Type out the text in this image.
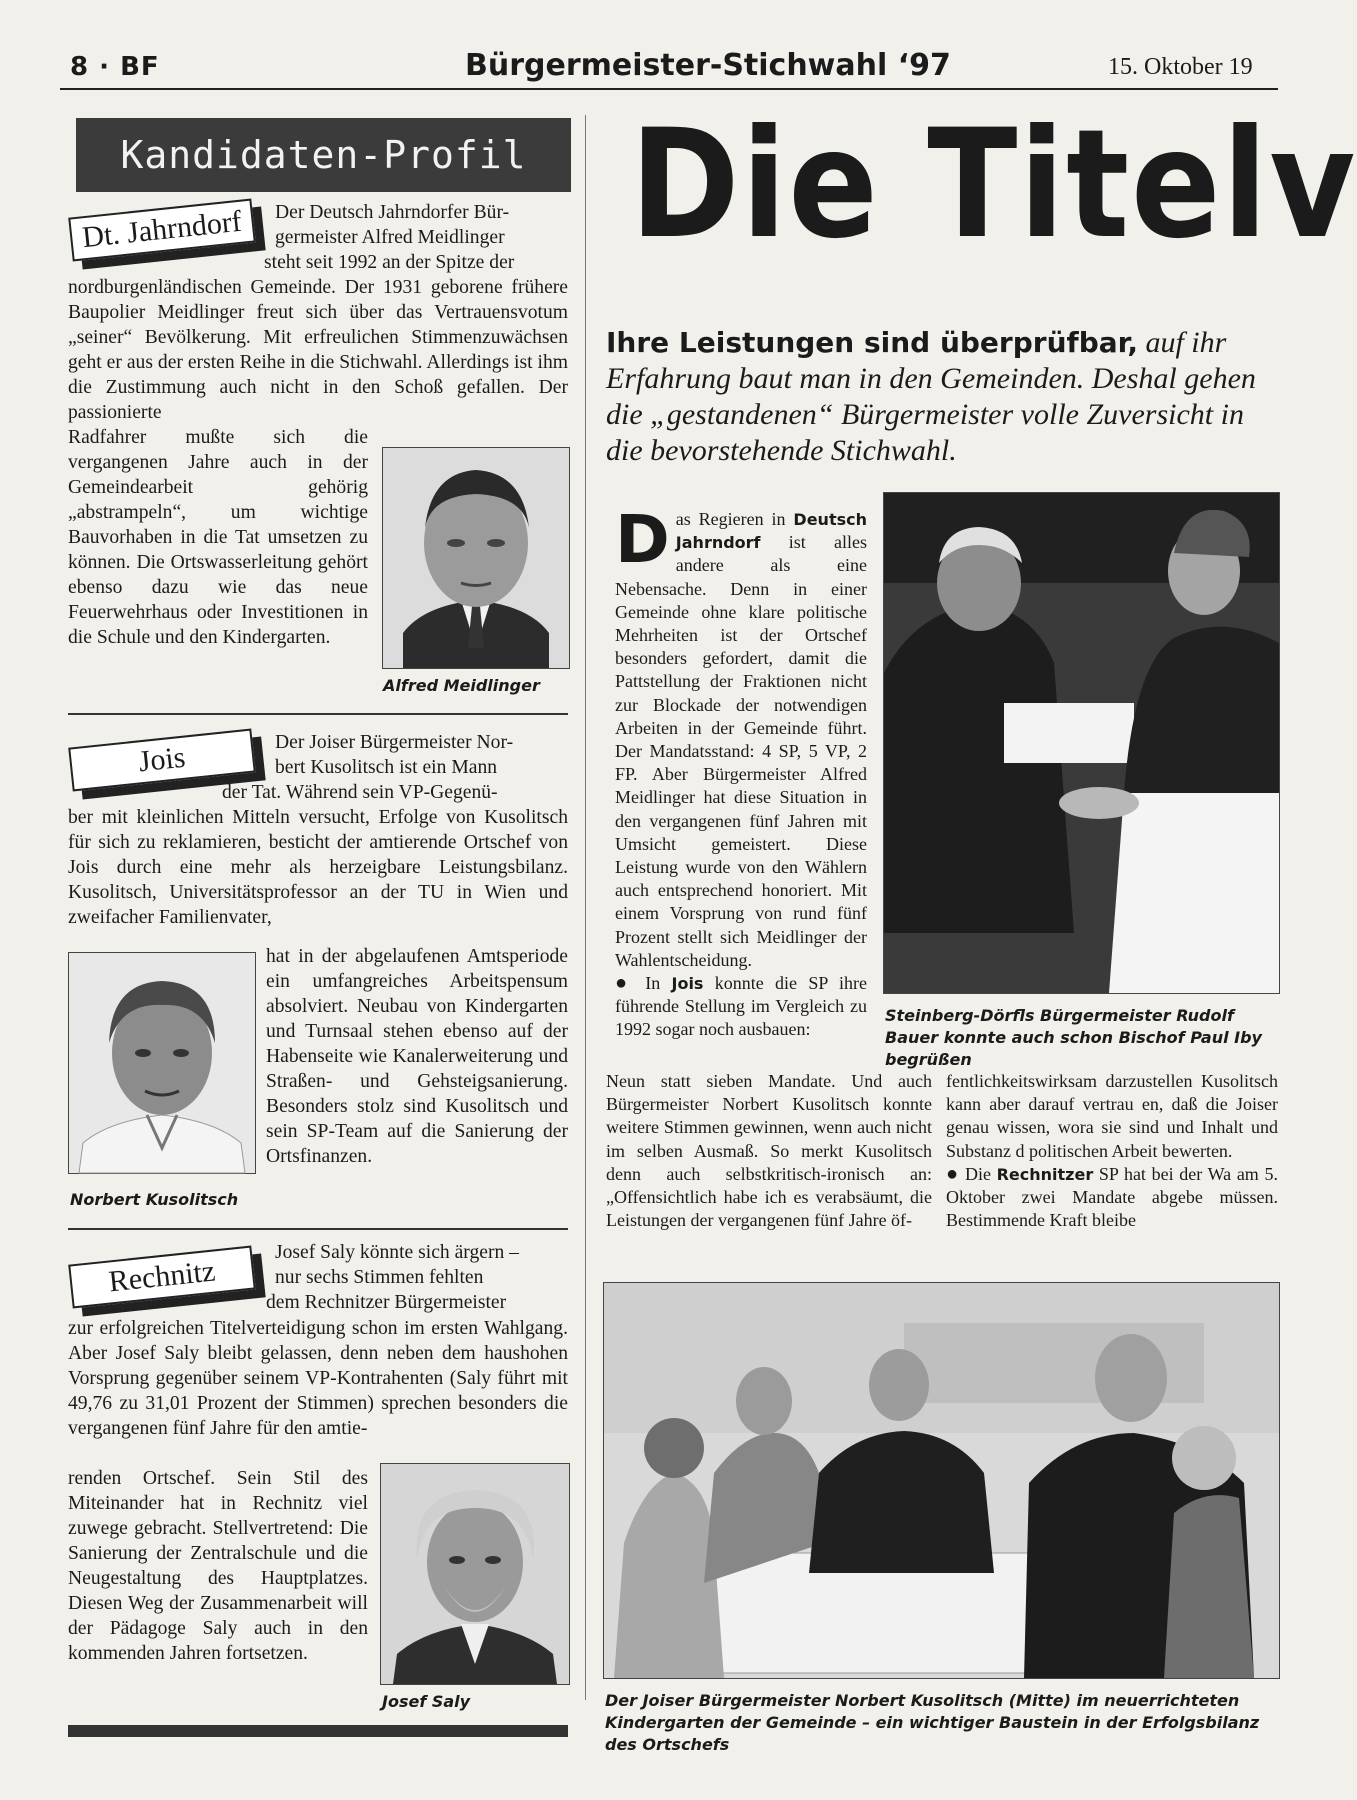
8 · BF	Bürgermeister-Stichwahl ‘97	15. Oktober 19
Kandidaten-Profil
Dt. Jahrndorf	Der Deutsch Jahrndorfer Bür-

germeister Alfred Meidlinger

steht seit 1992 an der Spitze der

nordburgenländischen Gemeinde. Der 1931 geborene frühere Baupolier Meidlinger freut sich über das Vertrauensvotum „seiner“ Bevölkerung. Mit erfreulichen Stimmenzuwächsen geht er aus der ersten Reihe in die Stichwahl. Allerdings ist ihm die Zustimmung auch nicht in den Schoß gefallen. Der passionierte

Radfahrer mußte sich die vergangenen Jahre auch in der Gemeindearbeit gehörig „abstrampeln“, um wichtige Bauvorhaben in die Tat umsetzen zu können. Die Ortswasserleitung gehört ebenso dazu wie das neue Feuerwehrhaus oder Investitionen in die Schule und den Kindergarten.

Alfred Meidlinger
Jois	Der Joiser Bürgermeister Nor-

bert Kusolitsch ist ein Mann

der Tat. Während sein VP-Gegenü-

ber mit kleinlichen Mitteln versucht, Erfolge von Kusolitsch für sich zu reklamieren, besticht der amtierende Ortschef von Jois durch eine mehr als herzeigbare Leistungsbilanz. Kusolitsch, Universitätsprofessor an der TU in Wien und zweifacher Familienvater,

hat in der abgelaufenen Amtsperiode ein umfangreiches Arbeitspensum absolviert. Neubau von Kindergarten und Turnsaal stehen ebenso auf der Habenseite wie Kanalerweiterung und Straßen- und Gehsteigsanierung. Besonders stolz sind Kusolitsch und sein SP-Team auf die Sanierung der Ortsfinanzen.

Norbert Kusolitsch
Rechnitz

Josef Saly könnte sich ärgern –

nur sechs Stimmen fehlten

dem Rechnitzer Bürgermeister

zur erfolgreichen Titelverteidigung schon im ersten Wahlgang. Aber Josef Saly bleibt gelassen, denn neben dem haushohen Vorsprung gegenüber seinem VP-Kontrahenten (Saly führt mit 49,76 zu 31,01 Prozent der Stimmen) sprechen besonders die vergangenen fünf Jahre für den amtie-

renden Ortschef. Sein Stil des Miteinander hat in Rechnitz viel zuwege gebracht. Stellvertretend: Die Sanierung der Zentralschule und die Neugestaltung des Hauptplatzes. Diesen Weg der Zusammenarbeit will der Pädagoge Saly auch in den kommenden Jahren fortsetzen.

Josef Saly
Die Titelv
Ihre Leistungen sind überprüfbar, auf ihr Erfahrung baut man in den Gemeinden. Deshal gehen die „gestandenen“ Bürgermeister volle Zuversicht in die bevorstehende Stichwahl.

Das Regieren in Deutsch Jahrndorf ist alles andere als eine Nebensache. Denn in einer Gemeinde ohne klare politische Mehrheiten ist der Ortschef besonders gefordert, damit die Pattstellung der Fraktionen nicht zur Blockade der notwendigen Arbeiten in der Gemeinde führt. Der Mandatsstand: 4 SP, 5 VP, 2 FP. Aber Bürgermeister Alfred Meidlinger hat diese Situation in den vergangenen fünf Jahren mit Umsicht gemeistert. Diese Leistung wurde von den Wählern auch entsprechend honoriert. Mit einem Vorsprung von rund fünf Prozent stellt sich Meidlinger der Wahlentscheidung.

● In Jois konnte die SP ihre führende Stellung im Vergleich zu 1992 sogar noch ausbauen:

Steinberg-Dörfls Bürgermeister Rudolf Bauer konnte auch schon Bischof Paul Iby begrüßen

Neun statt sieben Mandate. Und auch Bürgermeister Norbert Kusolitsch konnte weitere Stimmen gewinnen, wenn auch nicht im selben Ausmaß. So merkt Kusolitsch denn auch selbstkritisch-ironisch an: „Offensichtlich habe ich es verabsäumt, die Leistungen der vergangenen fünf Jahre öf-

fentlichkeitswirksam darzustellen Kusolitsch kann aber darauf vertrau en, daß die Joiser genau wissen, wora sie sind und Inhalt und Substanz d politischen Arbeit bewerten.

● Die Rechnitzer SP hat bei der Wa am 5. Oktober zwei Mandate abgebe müssen. Bestimmende Kraft bleibe

Der Joiser Bürgermeister Norbert Kusolitsch (Mitte) im neuerrichteten Kindergarten der Gemeinde – ein wichtiger Baustein in der Erfolgsbilanz des Ortschefs
